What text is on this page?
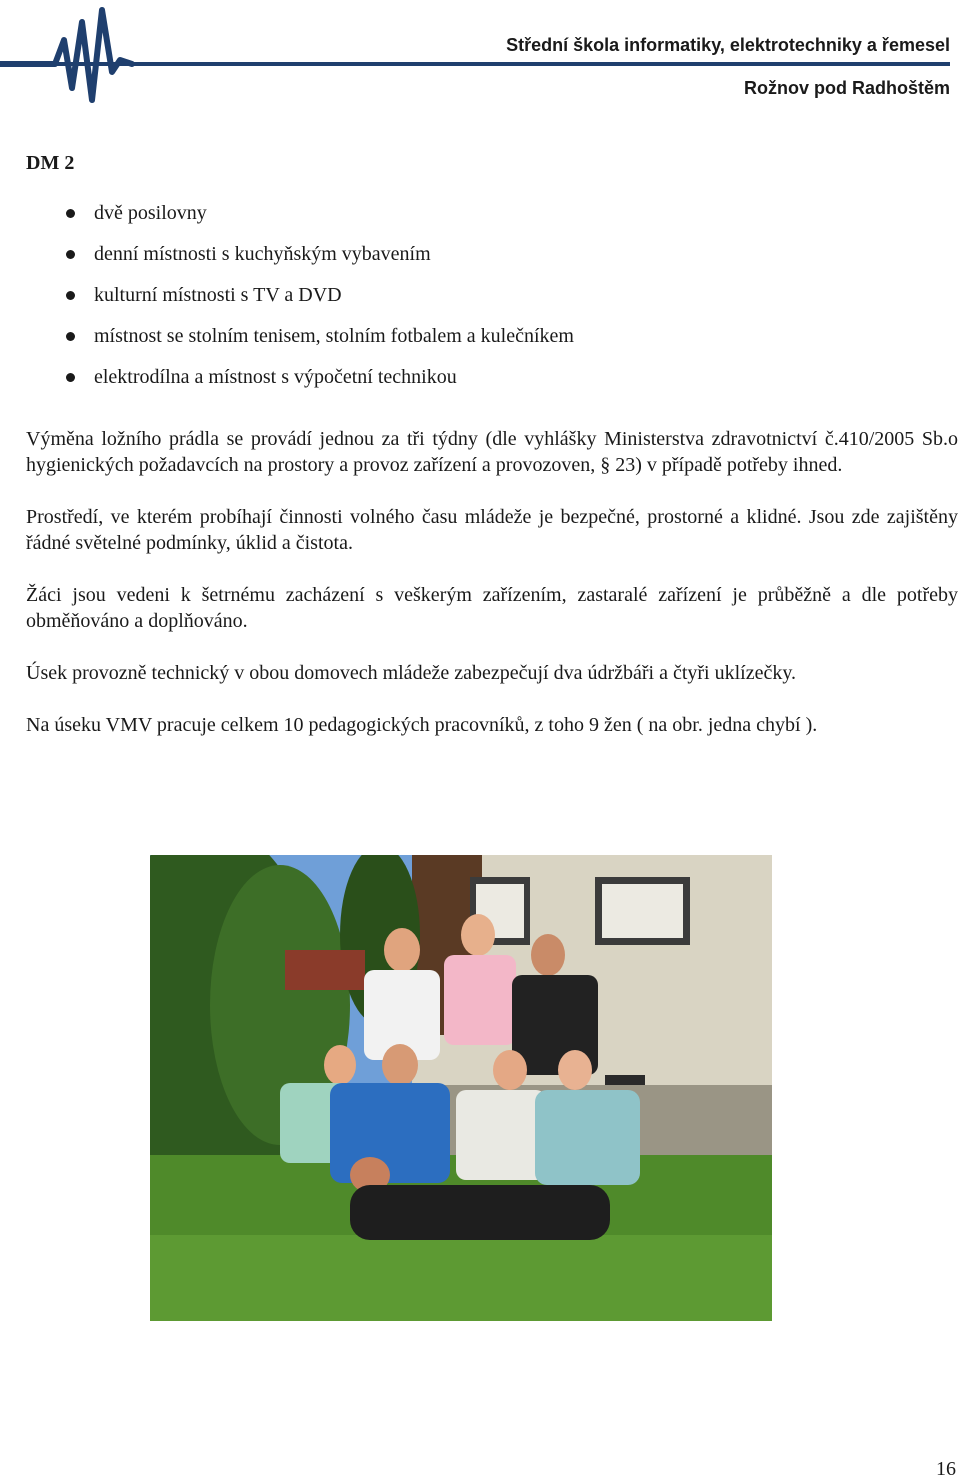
Střední škola informatiky, elektrotechniky a řemesel
Rožnov pod Radhoštěm
DM 2
dvě posilovny
denní místnosti s kuchyňským vybavením
kulturní místnosti s TV a DVD
místnost se stolním tenisem, stolním fotbalem a kulečníkem
elektrodílna a místnost s výpočetní technikou

Výměna ložního prádla se provádí jednou za tři týdny (dle vyhlášky Ministerstva zdravotnictví č.410/2005 Sb.o hygienických požadavcích na prostory a provoz zařízení a provozoven, § 23) v případě potřeby ihned.

Prostředí, ve kterém probíhají činnosti volného času mládeže je bezpečné, prostorné a klidné. Jsou zde zajištěny řádné světelné podmínky, úklid a čistota.

Žáci jsou vedeni k šetrnému zacházení s veškerým zařízením, zastaralé zařízení je průběžně a dle potřeby obměňováno a doplňováno.

Úsek provozně technický v obou domovech mládeže zabezpečují dva údržbáři a čtyři uklízečky.

Na úseku VMV pracuje celkem 10 pedagogických pracovníků, z toho 9 žen ( na obr. jedna chybí ).

16
